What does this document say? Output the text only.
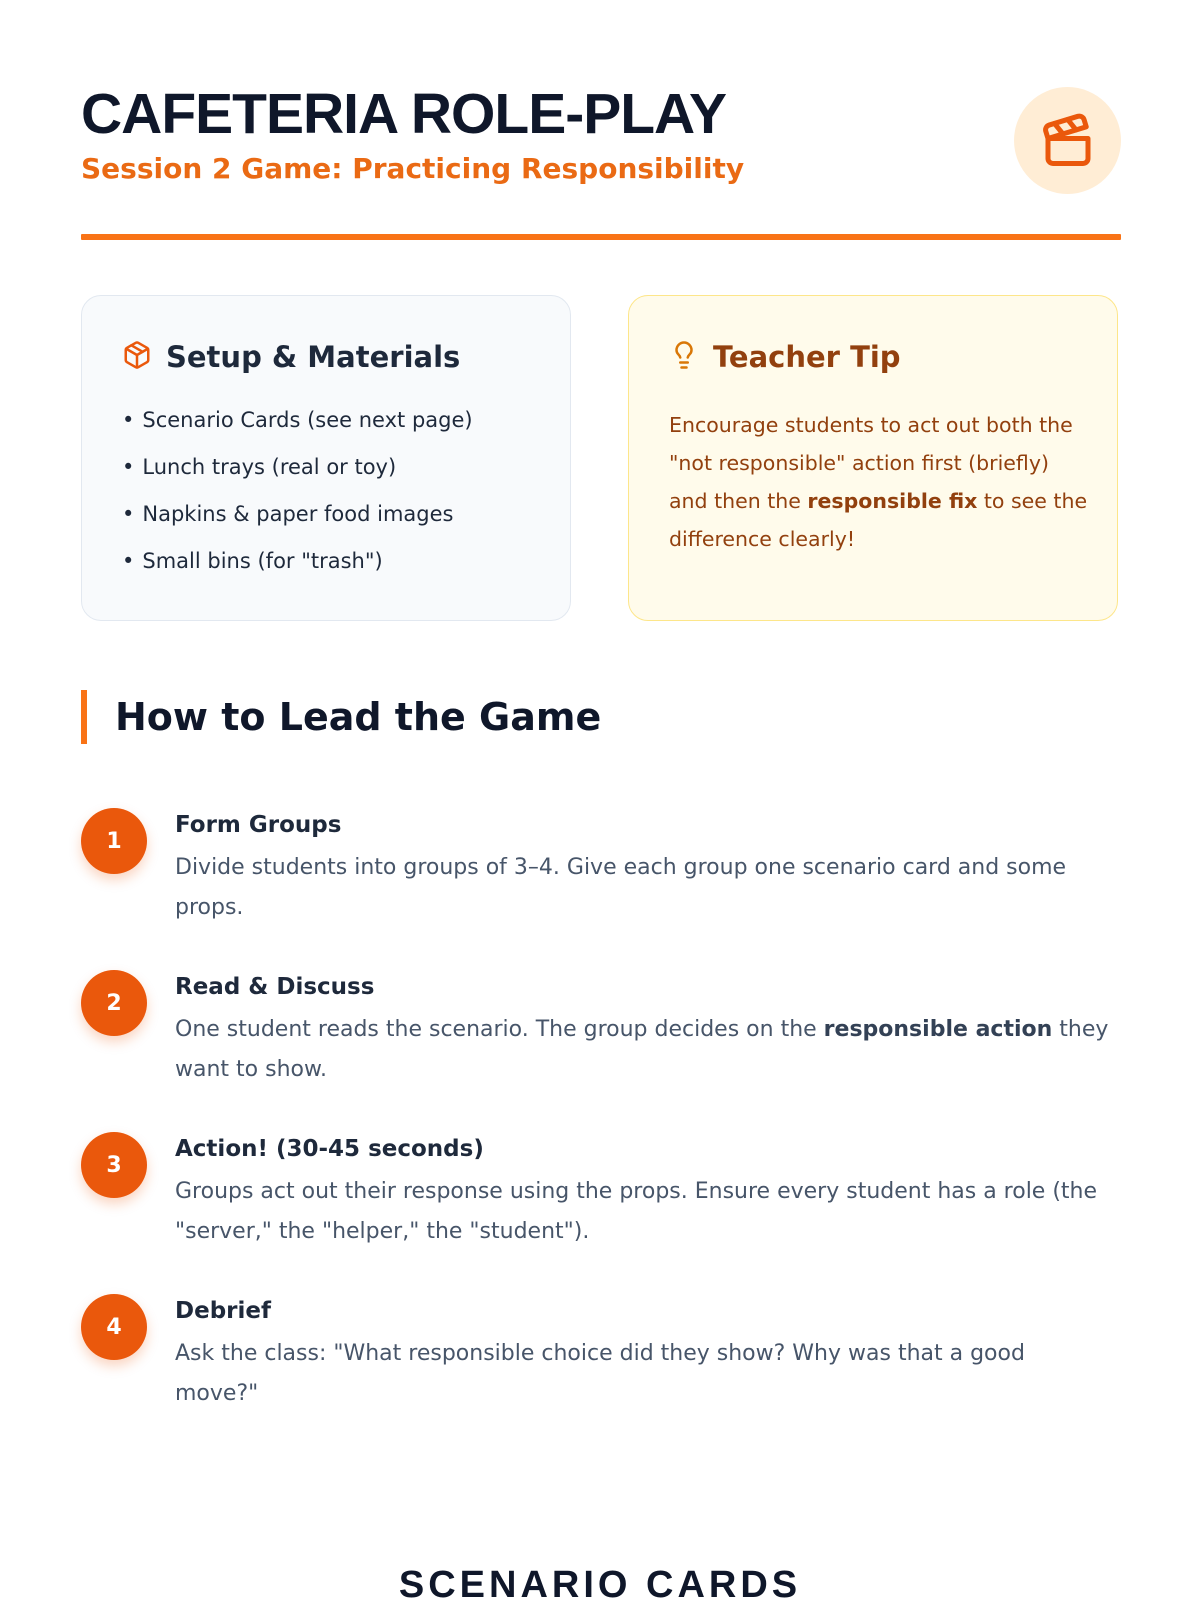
CAFETERIA ROLE-PLAY
Session 2 Game: Practicing Responsibility
Setup & Materials
• Scenario Cards (see next page)
• Lunch trays (real or toy)
• Napkins & paper food images
• Small bins (for "trash")
Teacher Tip
Encourage students to act out both the "not responsible" action first (briefly) and then the responsible fix to see the difference clearly!
How to Lead the Game
1
Form Groups
Divide students into groups of 3–4. Give each group one scenario card and some props.
2
Read & Discuss
One student reads the scenario. The group decides on the responsible action they want to show.
3
Action! (30-45 seconds)
Groups act out their response using the props. Ensure every student has a role (the "server," the "helper," the "student").
4
Debrief
Ask the class: "What responsible choice did they show? Why was that a good move?"
SCENARIO CARDS
